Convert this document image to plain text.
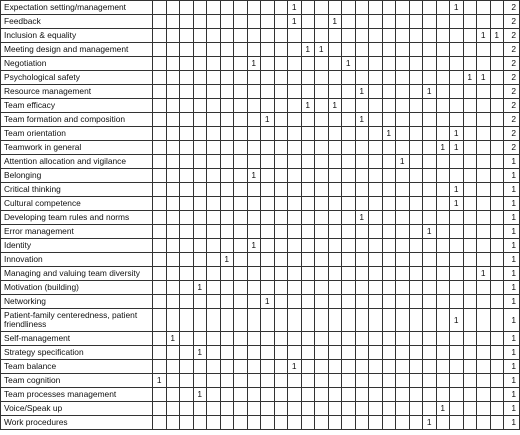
Expectation setting/management											1												1				2
Feedback											1			1													2
Inclusion & equality																									1	1	2
Meeting design and management												1	1														2
Negotiation								1							1												2
Psychological safety																								1	1		2
Resource management																1					1						2
Team efficacy												1		1													2
Team formation and composition									1							1											2
Team orientation																		1					1				2
Teamwork in general																						1	1				2
Attention allocation and vigilance																			1								1
Belonging								1																			1
Critical thinking																							1				1
Cultural competence																							1				1
Developing team rules and norms																1											1
Error management																					1						1
Identity								1																			1
Innovation						1																					1
Managing and valuing team diversity																									1		1
Motivation (building)				1																							1
Networking									1																		1
Patient-family centeredness, patient friendliness																							1				1
Self-management		1																									1
Strategy specification				1																							1
Team balance											1																1
Team cognition	1																										1
Team processes management				1																							1
Voice/Speak up																						1					1
Work procedures																					1						1
